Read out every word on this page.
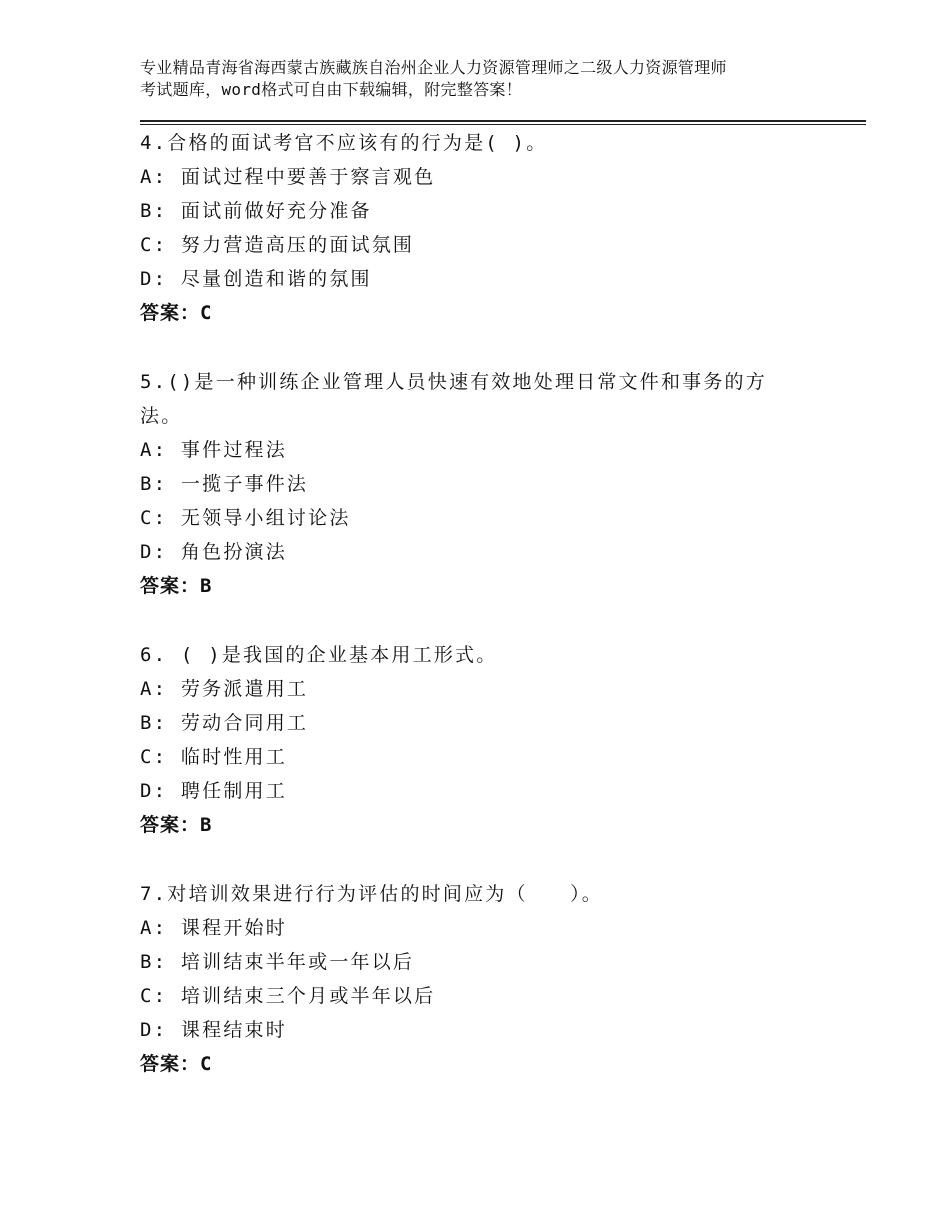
专业精品青海省海西蒙古族藏族自治州企业人力资源管理师之二级人力资源管理师
考试题库，word格式可自由下载编辑，附完整答案！
4.合格的面试考官不应该有的行为是( )。
A: 面试过程中要善于察言观色
B: 面试前做好充分准备
C: 努力营造高压的面试氛围
D: 尽量创造和谐的氛围
答案：C
5.()是一种训练企业管理人员快速有效地处理日常文件和事务的方
法。
A: 事件过程法
B: 一揽子事件法
C: 无领导小组讨论法
D: 角色扮演法
答案：B
6. ( )是我国的企业基本用工形式。
A: 劳务派遣用工
B: 劳动合同用工
C: 临时性用工
D: 聘任制用工
答案：B
7.对培训效果进行行为评估的时间应为（　　）。
A: 课程开始时
B: 培训结束半年或一年以后
C: 培训结束三个月或半年以后
D: 课程结束时
答案：C
